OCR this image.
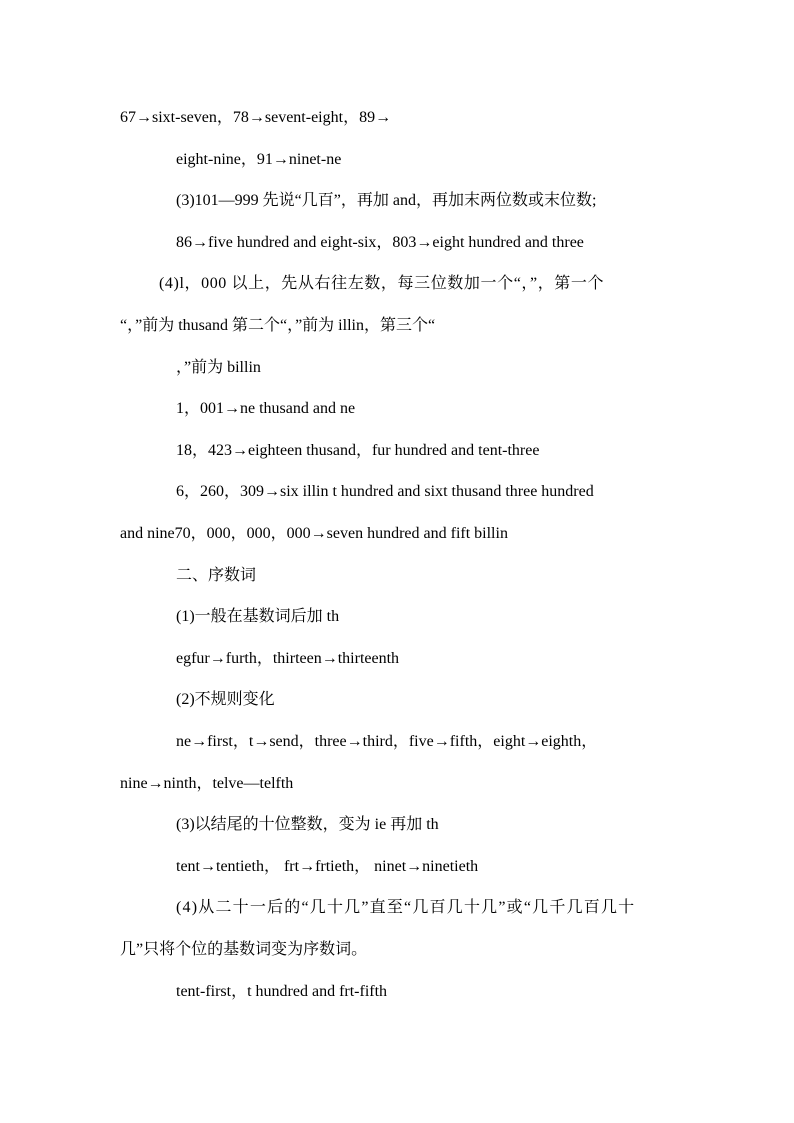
67→sixt-seven，78→sevent-eight，89→
eight-nine，91→ninet-ne
(3)101—999 先说“几百”，再加 and，再加末两位数或末位数;
86→five hundred and eight-six，803→eight hundred and three
(4)l，000 以上，先从右往左数，每三位数加一个“，”，第一个
“，”前为 thusand 第二个“，”前为 illin，第三个“
，”前为 billin
1，001→ne thusand and ne
18，423→eighteen thusand，fur hundred and tent-three
6，260，309→six illin t hundred and sixt thusand three hundred
and nine70，000，000，000→seven hundred and fift billin
二、序数词
(1)一般在基数词后加 th
egfur→furth，thirteen→thirteenth
(2)不规则变化
ne→first，t→send，three→third，five→fifth，eight→eighth，
nine→ninth，telve—telfth
(3)以结尾的十位整数，变为 ie 再加 th
tent→tentieth， frt→frtieth， ninet→ninetieth
(4)从二十一后的“几十几”直至“几百几十几”或“几千几百几十
几”只将个位的基数词变为序数词。
tent-first，t hundred and frt-fifth
